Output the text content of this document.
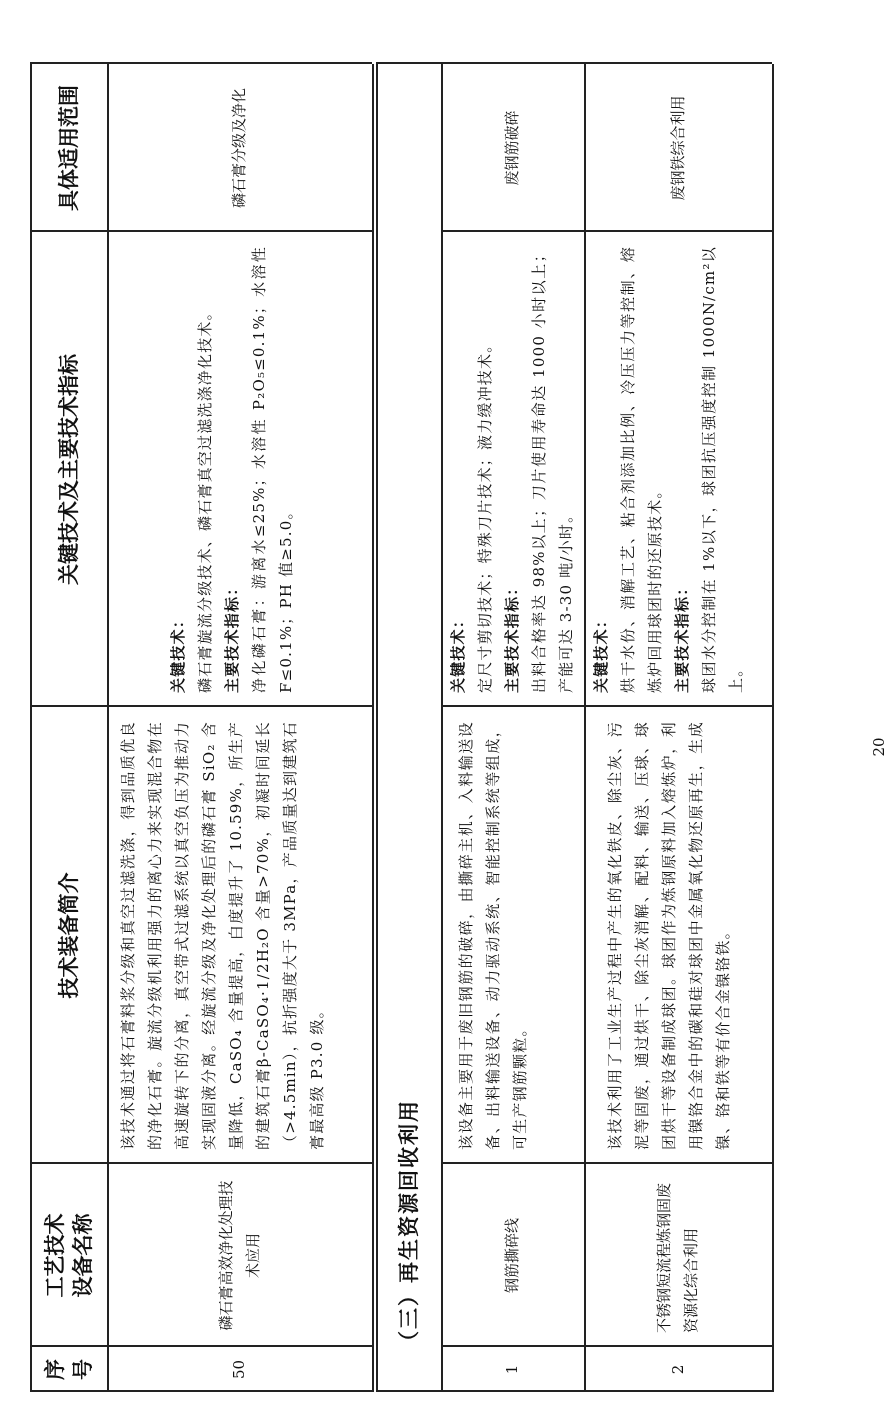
序号
工艺技术设备名称
技术装备简介
关键技术及主要技术指标
具体适用范围
50
磷石膏高效净化处理技术应用
该技术通过将石膏料浆分级和真空过滤洗涤，得到品质优良的净化石膏。旋流分级机利用强力的离心力来实现混合物在高速旋转下的分离，真空带式过滤系统以真空负压为推动力实现固液分离。经旋流分级及净化处理后的磷石膏 SiO₂ 含量降低，CaSO₄ 含量提高，白度提升了 10.59%，所生产的建筑石膏β-CaSO₄·1/2H₂O 含量>70%，初凝时间延长（>4.5min），抗折强度大于 3MPa，产品质量达到建筑石膏最高级 P3.0 级。
关键技术： 磷石膏旋流分级技术、磷石膏真空过滤洗涤净化技术。 主要技术指标： 净化磷石膏：游离水≤25%；水溶性 P₂O₅≤0.1%；水溶性 F≤0.1%；PH 值≥5.0。
磷石膏分级及净化
（三）再生资源回收利用
1
钢筋撕碎线
该设备主要用于废旧钢筋的破碎，由撕碎主机、入料输送设备、出料输送设备、动力驱动系统、智能控制系统等组成，可生产钢筋颗粒。
关键技术： 定尺寸剪切技术；特殊刀片技术；液力缓冲技术。 主要技术指标： 出料合格率达 98%以上；刀片使用寿命达 1000 小时以上；产能可达 3-30 吨/小时。
废钢筋破碎
2
不锈钢短流程炼钢固废资源化综合利用
该技术利用了工业生产过程中产生的氧化铁皮、除尘灰、污泥等固废，通过烘干、除尘灰消解、配料、输送、压球、球团烘干等设备制成球团。球团作为炼钢原料加入熔炼炉，利用镍铬合金中的碳和硅对球团中金属氧化物还原再生，生成镍、铬和铁等有价合金镍铬铁。
关键技术： 烘干水份、消解工艺、粘合剂添加比例、冷压压力等控制、熔炼炉回用球团时的还原技术。 主要技术指标： 球团水分控制在 1%以下，球团抗压强度控制 1000N/cm²以上。
废钢铁综合利用
20
